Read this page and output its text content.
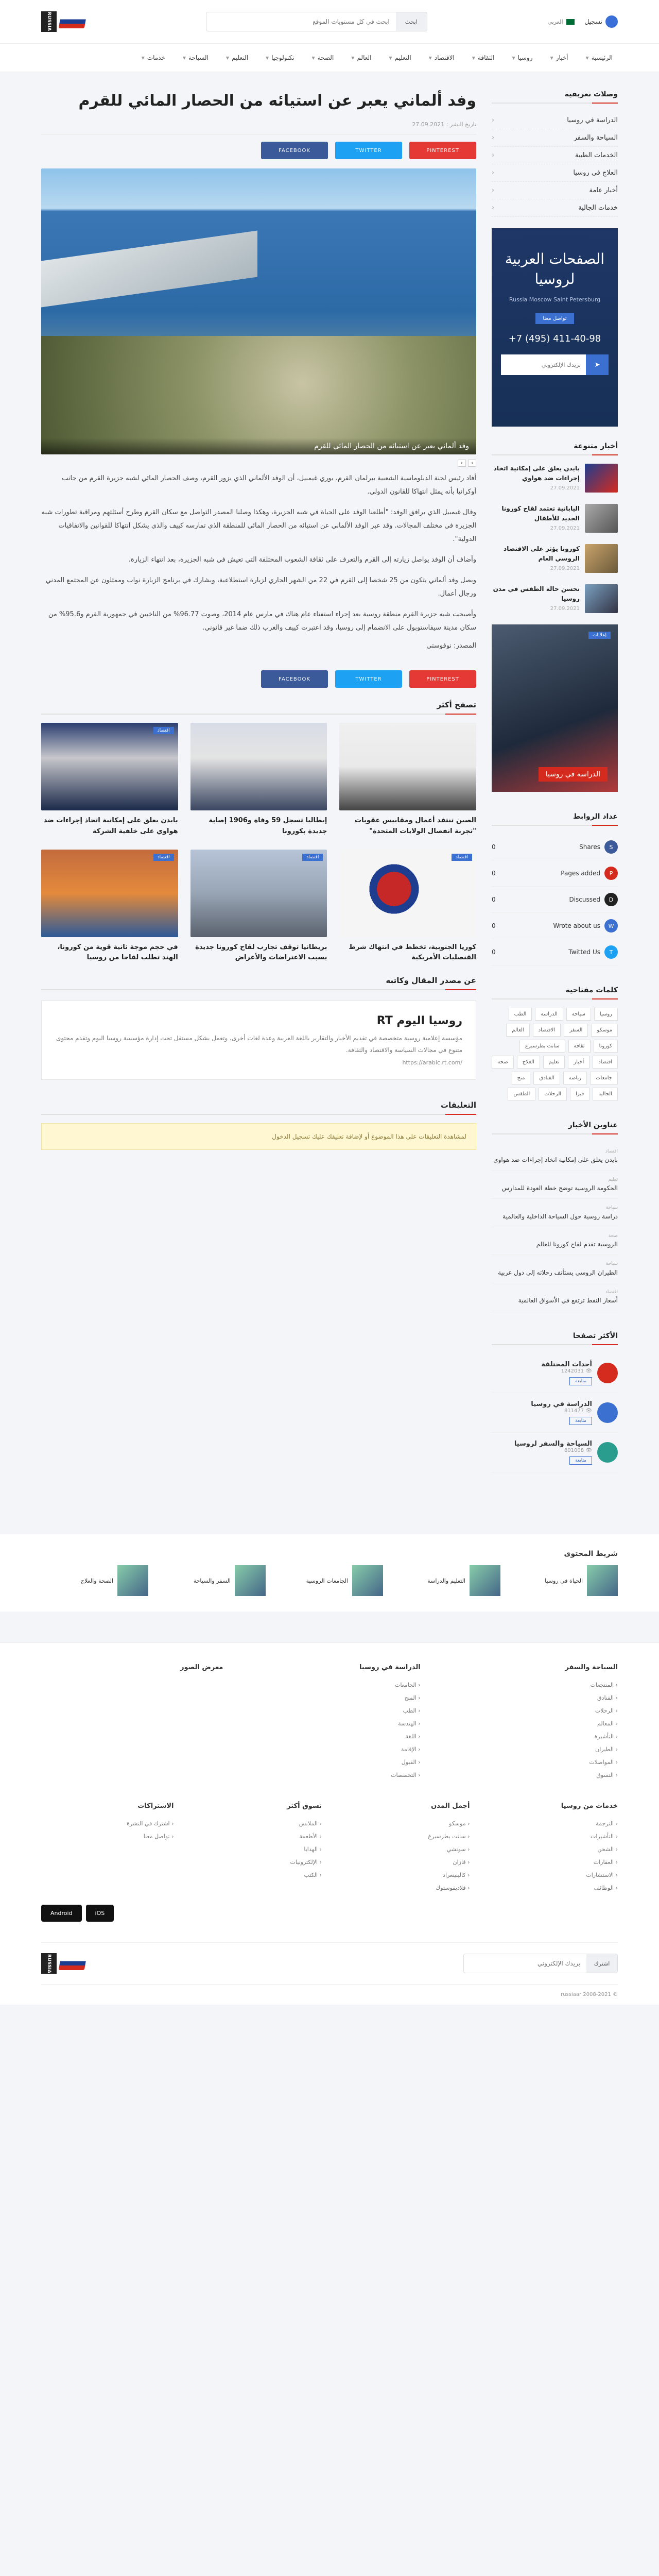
تسجيل
العربي
ابحث
ابحث في كل مستويات الموقع
RUSSIA
الرئيسية
▼
أخبار
▼
روسيا
▼
الثقافة
▼
الاقتصاد
▼
التعليم
▼
العالم
▼
الصحة
▼
تكنولوجيا
▼
التعليم
▼
السياحة
▼
خدمات
▼
وصلات تعريفية
الدراسة في روسيا
‹
السياحة والسفر
‹
الخدمات الطبية
‹
العلاج في روسيا
‹
أخبار عامة
‹
خدمات الجالية
‹
الصفحات العربية لروسيا
Russia Moscow Saint Petersburg
تواصل معنا
+7 (495) 411-40-98
➤
بريدك الإلكتروني
أخبار متنوعة
بايدن يعلق على إمكانية اتخاذ إجراءات ضد هواوي
27.09.2021
اليابانية تعتمد لقاح كورونا الجديد للأطفال
27.09.2021
كورونا يؤثر على الاقتصاد الروسي العام
27.09.2021
تحسن حالة الطقس في مدن روسيا
27.09.2021
إعلانات
الدراسة في روسيا
عداد الروابط
S
Shares
0
P
Pages added
0
D
Discussed
0
W
Wrote about us
0
T
Twitted Us
0
كلمات مفتاحية
روسيا
سياحة
الدراسة
الطب
موسكو
السفر
الاقتصاد
العالم
كورونا
ثقافة
سانت بطرسبرغ
اقتصاد
أخبار
تعليم
العلاج
صحة
جامعات
رياضة
الفنادق
منح
الجالية
فيزا
الرحلات
الطقس
عناوين الأخبار
اقتصاد
بايدن يعلق على إمكانية اتخاذ إجراءات ضد هواوي
تعليم
الحكومة الروسية توضح خطة العودة للمدارس
سياحة
دراسة روسية حول السياحة الداخلية والعالمية
صحة
الروسية تقدم لقاح كورونا للعالم
سياحة
الطيران الروسي يستأنف رحلاته إلى دول عربية
اقتصاد
أسعار النفط ترتفع في الأسواق العالمية
الأكثر تصفحا
أحداث المختلفة
👁 1242031
متابعة
الدراسة في روسيا
👁 811477
متابعة
السياحة والسفر لروسيا
👁 801008
متابعة
وفد ألماني يعبر عن استيائه من الحصار المائي للقرم
تاريخ النشر : 27.09.2021
PINTEREST
TWITTER
FACEBOOK
وفد ألماني يعبر عن استيائه من الحصار المائي للقرم
›
‹

أفاد رئيس لجنة الدبلوماسية الشعبية ببرلمان القرم، يوري غيمبيل، أن الوفد الألماني الذي يزور القرم، وصف الحصار المائي لشبه جزيرة القرم من جانب أوكرانيا بأنه يمثل انتهاكا للقانون الدولي.

وقال غيمبيل الذي يرافق الوفد: "أطلعنا الوفد على الحياة في شبه الجزيرة، وهكذا وصلنا المصدر التواصل مع سكان القرم وطرح أسئلتهم ومراقبة تطورات شبه الجزيرة في مختلف المجالات. وقد عبر الوفد الألماني عن استيائه من الحصار المائي للمنطقة الذي تمارسه كييف والذي يشكل انتهاكا للقوانين والاتفاقيات الدولية".

وأضاف أن الوفد يواصل زيارته إلى القرم والتعرف على ثقافة الشعوب المختلفة التي تعيش في شبه الجزيرة، بعد انتهاء الزيارة.

ويصل وفد ألماني يتكون من 25 شخصا إلى القرم في 22 من الشهر الجاري لزيارة استطلاعية، ويشارك في برنامج الزيارة نواب وممثلون عن المجتمع المدني ورجال أعمال.

وأصبحت شبه جزيرة القرم منطقة روسية بعد إجراء استفتاء عام هناك في مارس عام 2014، وصوت 96.77% من الناخبين في جمهورية القرم و95.6% من سكان مدينة سيفاستوبول على الانضمام إلى روسيا، وقد اعتبرت كييف والغرب ذلك ضما غير قانوني.

المصدر: نوفوستي
PINTEREST
TWITTER
FACEBOOK
تصفح أكثر
الصين تنتقد أعمال ومقاييس عقوبات "تجربة انفصال الولايات المتحدة"
إيطاليا تسجل 59 وفاة و1906 إصابة جديدة بكورونا
اقتصاد
بايدن يعلق على إمكانية اتخاذ إجراءات ضد هواوي على خلفية الشركة
اقتصاد
كوريا الجنوبية، تخطط في انتهاك شرط القنصليات الأمريكية
اقتصاد
بريطانيا توقف تجارب لقاح كورونا جديدة بسبب الاعتراضات والأعراض
اقتصاد
في حجم موجة ثانية قوية من كورونا، الهند تطلب لقاحا من روسيا
عن مصدر المقال وكاتبه
روسيا اليوم RT
مؤسسة إعلامية روسية متخصصة في تقديم الأخبار والتقارير باللغة العربية وعدة لغات أخرى، وتعمل بشكل مستقل تحت إدارة مؤسسة روسيا اليوم وتقدم محتوى متنوع في مجالات السياسة والاقتصاد والثقافة.
https://arabic.rt.com/
التعليقات
لمشاهدة التعليقات على هذا الموضوع أو لإضافة تعليقك عليك تسجيل الدخول
شريط المحتوى
الحياة في روسيا
التعليم والدراسة
الجامعات الروسية
السفر والسياحة
الصحة والعلاج
السياحة والسفر
‹ المنتجعات
‹ الفنادق
‹ الرحلات
‹ المعالم
‹ التأشيرة
‹ الطيران
‹ المواصلات
‹ التسوق
الدراسة في روسيا
‹ الجامعات
‹ المنح
‹ الطب
‹ الهندسة
‹ اللغة
‹ الإقامة
‹ القبول
‹ التخصصات
معرض الصور
خدمات من روسيا
‹ الترجمة
‹ التأشيرات
‹ الشحن
‹ العقارات
‹ الاستشارات
‹ الوظائف
أجمل المدن
‹ موسكو
‹ سانت بطرسبرغ
‹ سوتشي
‹ قازان
‹ كالينينغراد
‹ فلاديفوستوك
تسوق أكثر
‹ الملابس
‹ الأطعمة
‹ الهدايا
‹ الإلكترونيات
‹ الكتب
الاشتراكات
‹ اشترك في النشرة
‹ تواصل معنا
iOS
Android
اشترك
بريدك الإلكتروني
RUSSIA
© 2008-2021 russiaar
